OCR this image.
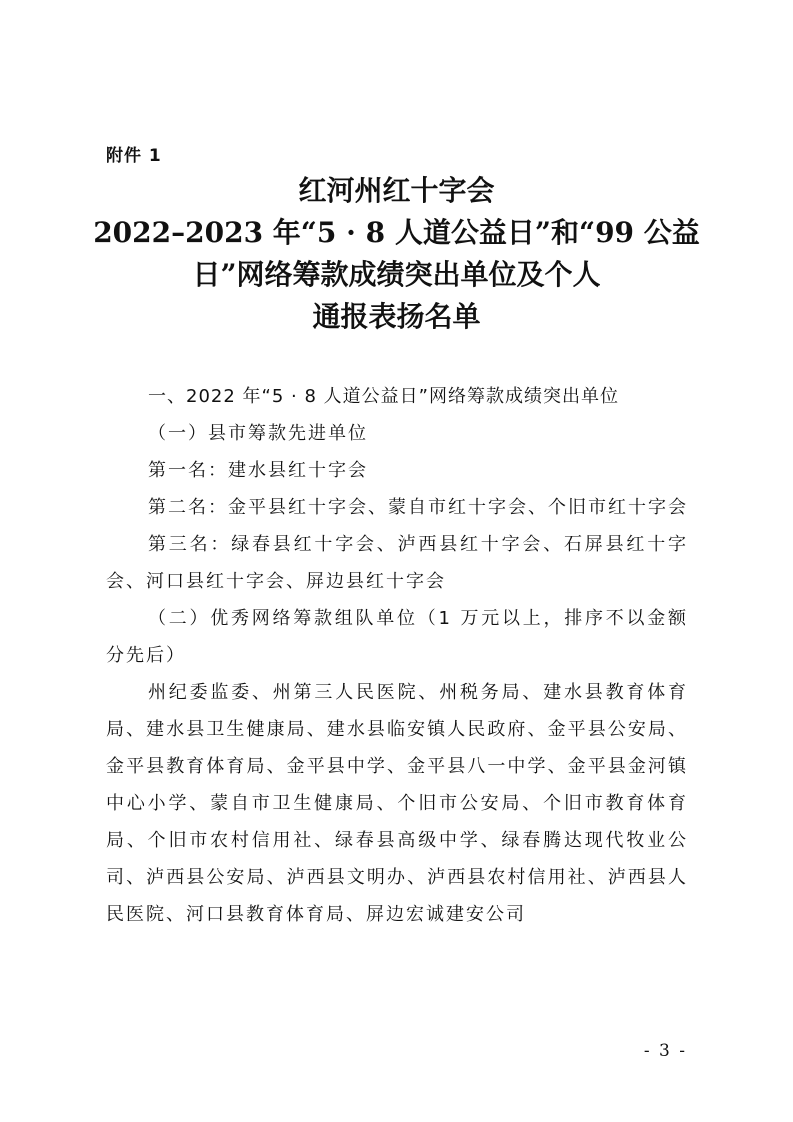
附件 1
红河州红十字会
2022–2023 年“5 · 8 人道公益日”和“99 公益
日”网络筹款成绩突出单位及个人
通报表扬名单

一、2022 年“5 · 8 人道公益日”网络筹款成绩突出单位

（一）县市筹款先进单位

第一名：建水县红十字会

第二名：金平县红十字会、蒙自市红十字会、个旧市红十字会

第三名：绿春县红十字会、泸西县红十字会、石屏县红十字会、河口县红十字会、屏边县红十字会

（二）优秀网络筹款组队单位（1 万元以上，排序不以金额分先后）

州纪委监委、州第三人民医院、州税务局、建水县教育体育局、建水县卫生健康局、建水县临安镇人民政府、金平县公安局、金平县教育体育局、金平县中学、金平县八一中学、金平县金河镇中心小学、蒙自市卫生健康局、个旧市公安局、个旧市教育体育局、个旧市农村信用社、绿春县高级中学、绿春腾达现代牧业公司、泸西县公安局、泸西县文明办、泸西县农村信用社、泸西县人民医院、河口县教育体育局、屏边宏诚建安公司

- 3 -
